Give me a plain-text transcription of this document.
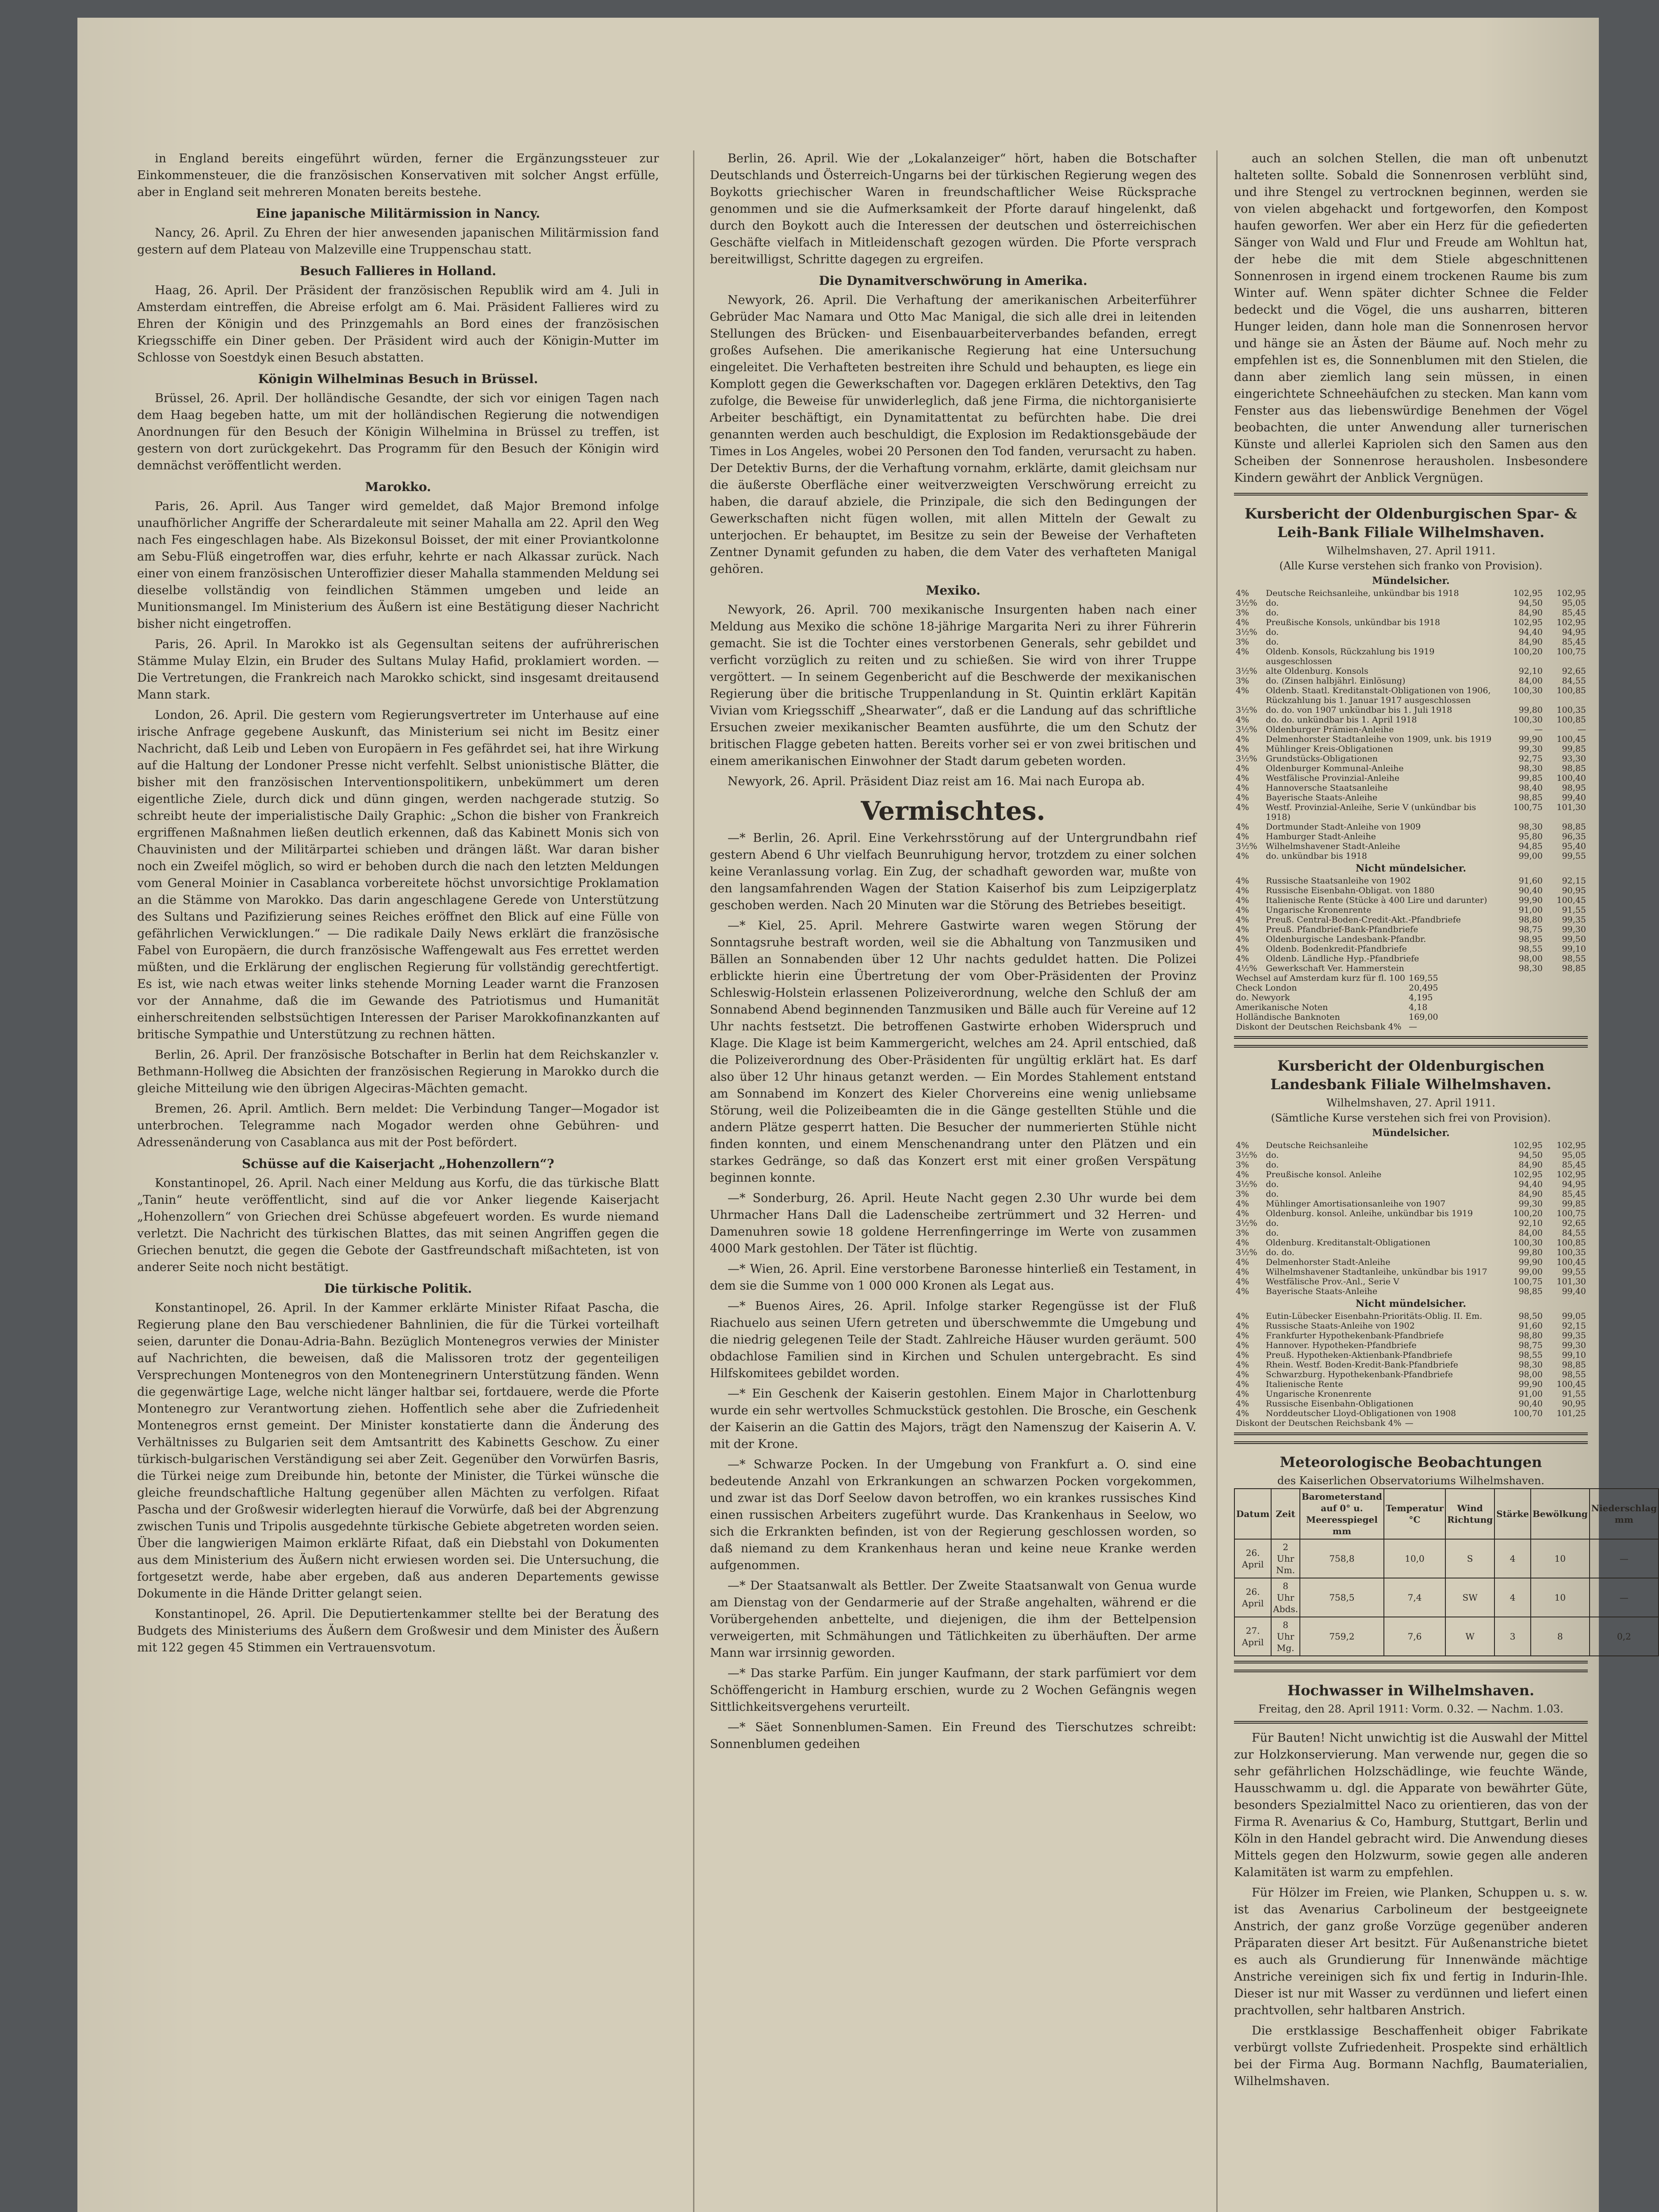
in England bereits eingeführt würden, ferner die Ergänzungssteuer zur Einkommensteuer, die die französischen Konservativen mit solcher Angst erfülle, aber in England seit mehreren Monaten bereits bestehe.

Eine japanische Militärmission in Nancy.

Nancy, 26. April. Zu Ehren der hier anwesenden japanischen Militärmission fand gestern auf dem Plateau von Malzeville eine Truppenschau statt.

Besuch Fallieres in Holland.

Haag, 26. April. Der Präsident der französischen Republik wird am 4. Juli in Amsterdam eintreffen, die Abreise erfolgt am 6. Mai. Präsident Fallieres wird zu Ehren der Königin und des Prinzgemahls an Bord eines der französischen Kriegsschiffe ein Diner geben. Der Präsident wird auch der Königin-Mutter im Schlosse von Soestdyk einen Besuch abstatten.

Königin Wilhelminas Besuch in Brüssel.

Brüssel, 26. April. Der holländische Gesandte, der sich vor einigen Tagen nach dem Haag begeben hatte, um mit der holländischen Regierung die notwendigen Anordnungen für den Besuch der Königin Wilhelmina in Brüssel zu treffen, ist gestern von dort zurückgekehrt. Das Programm für den Besuch der Königin wird demnächst veröffentlicht werden.

Marokko.

Paris, 26. April. Aus Tanger wird gemeldet, daß Major Bremond infolge unaufhörlicher Angriffe der Scherardaleute mit seiner Mahalla am 22. April den Weg nach Fes eingeschlagen habe. Als Bizekonsul Boisset, der mit einer Proviantkolonne am Sebu-Flüß eingetroffen war, dies erfuhr, kehrte er nach Alkassar zurück. Nach einer von einem französischen Unteroffizier dieser Mahalla stammenden Meldung sei dieselbe vollständig von feindlichen Stämmen umgeben und leide an Munitionsmangel. Im Ministerium des Äußern ist eine Bestätigung dieser Nachricht bisher nicht eingetroffen.

Paris, 26. April. In Marokko ist als Gegensultan seitens der aufrührerischen Stämme Mulay Elzin, ein Bruder des Sultans Mulay Hafid, proklamiert worden. — Die Vertretungen, die Frankreich nach Marokko schickt, sind insgesamt dreitausend Mann stark.

London, 26. April. Die gestern vom Regierungsvertreter im Unterhause auf eine irische Anfrage gegebene Auskunft, das Ministerium sei nicht im Besitz einer Nachricht, daß Leib und Leben von Europäern in Fes gefährdet sei, hat ihre Wirkung auf die Haltung der Londoner Presse nicht verfehlt. Selbst unionistische Blätter, die bisher mit den französischen Interventionspolitikern, unbekümmert um deren eigentliche Ziele, durch dick und dünn gingen, werden nachgerade stutzig. So schreibt heute der imperialistische Daily Graphic: „Schon die bisher von Frankreich ergriffenen Maßnahmen ließen deutlich erkennen, daß das Kabinett Monis sich von Chauvinisten und der Militärpartei schieben und drängen läßt. War daran bisher noch ein Zweifel möglich, so wird er behoben durch die nach den letzten Meldungen vom General Moinier in Casablanca vorbereitete höchst unvorsichtige Proklamation an die Stämme von Marokko. Das darin angeschlagene Gerede von Unterstützung des Sultans und Pazifizierung seines Reiches eröffnet den Blick auf eine Fülle von gefährlichen Verwicklungen.“ — Die radikale Daily News erklärt die französische Fabel von Europäern, die durch französische Waffengewalt aus Fes errettet werden müßten, und die Erklärung der englischen Regierung für vollständig gerechtfertigt. Es ist, wie nach etwas weiter links stehende Morning Leader warnt die Franzosen vor der Annahme, daß die im Gewande des Patriotismus und Humanität einherschreitenden selbstsüchtigen Interessen der Pariser Marokkofinanzkanten auf britische Sympathie und Unterstützung zu rechnen hätten.

Berlin, 26. April. Der französische Botschafter in Berlin hat dem Reichskanzler v. Bethmann-Hollweg die Absichten der französischen Regierung in Marokko durch die gleiche Mitteilung wie den übrigen Algeciras-Mächten gemacht.

Bremen, 26. April. Amtlich. Bern meldet: Die Verbindung Tanger—Mogador ist unterbrochen. Telegramme nach Mogador werden ohne Gebühren- und Adressenänderung von Casablanca aus mit der Post befördert.

Schüsse auf die Kaiserjacht „Hohenzollern“?

Konstantinopel, 26. April. Nach einer Meldung aus Korfu, die das türkische Blatt „Tanin“ heute veröffentlicht, sind auf die vor Anker liegende Kaiserjacht „Hohenzollern“ von Griechen drei Schüsse abgefeuert worden. Es wurde niemand verletzt. Die Nachricht des türkischen Blattes, das mit seinen Angriffen gegen die Griechen benutzt, die gegen die Gebote der Gastfreundschaft mißachteten, ist von anderer Seite noch nicht bestätigt.

Die türkische Politik.

Konstantinopel, 26. April. In der Kammer erklärte Minister Rifaat Pascha, die Regierung plane den Bau verschiedener Bahnlinien, die für die Türkei vorteilhaft seien, darunter die Donau-Adria-Bahn. Bezüglich Montenegros verwies der Minister auf Nachrichten, die beweisen, daß die Malissoren trotz der gegenteiligen Versprechungen Montenegros von den Montenegrinern Unterstützung fänden. Wenn die gegenwärtige Lage, welche nicht länger haltbar sei, fortdauere, werde die Pforte Montenegro zur Verantwortung ziehen. Hoffentlich sehe aber die Zufriedenheit Montenegros ernst gemeint. Der Minister konstatierte dann die Änderung des Verhältnisses zu Bulgarien seit dem Amtsantritt des Kabinetts Geschow. Zu einer türkisch-bulgarischen Verständigung sei aber Zeit. Gegenüber den Vorwürfen Basris, die Türkei neige zum Dreibunde hin, betonte der Minister, die Türkei wünsche die gleiche freundschaftliche Haltung gegenüber allen Mächten zu verfolgen. Rifaat Pascha und der Großwesir widerlegten hierauf die Vorwürfe, daß bei der Abgrenzung zwischen Tunis und Tripolis ausgedehnte türkische Gebiete abgetreten worden seien. Über die langwierigen Maimon erklärte Rifaat, daß ein Diebstahl von Dokumenten aus dem Ministerium des Äußern nicht erwiesen worden sei. Die Untersuchung, die fortgesetzt werde, habe aber ergeben, daß aus anderen Departements gewisse Dokumente in die Hände Dritter gelangt seien.

Konstantinopel, 26. April. Die Deputiertenkammer stellte bei der Beratung des Budgets des Ministeriums des Äußern dem Großwesir und dem Minister des Äußern mit 122 gegen 45 Stimmen ein Vertrauensvotum.

Berlin, 26. April. Wie der „Lokalanzeiger“ hört, haben die Botschafter Deutschlands und Österreich-Ungarns bei der türkischen Regierung wegen des Boykotts griechischer Waren in freundschaftlicher Weise Rücksprache genommen und sie die Aufmerksamkeit der Pforte darauf hingelenkt, daß durch den Boykott auch die Interessen der deutschen und österreichischen Geschäfte vielfach in Mitleidenschaft gezogen würden. Die Pforte versprach bereitwilligst, Schritte dagegen zu ergreifen.

Die Dynamitverschwörung in Amerika.

Newyork, 26. April. Die Verhaftung der amerikanischen Arbeiterführer Gebrüder Mac Namara und Otto Mac Manigal, die sich alle drei in leitenden Stellungen des Brücken- und Eisenbauarbeiterverbandes befanden, erregt großes Aufsehen. Die amerikanische Regierung hat eine Untersuchung eingeleitet. Die Verhafteten bestreiten ihre Schuld und behaupten, es liege ein Komplott gegen die Gewerkschaften vor. Dagegen erklären Detektivs, den Tag zufolge, die Beweise für unwiderleglich, daß jene Firma, die nichtorganisierte Arbeiter beschäftigt, ein Dynamitattentat zu befürchten habe. Die drei genannten werden auch beschuldigt, die Explosion im Redaktionsgebäude der Times in Los Angeles, wobei 20 Personen den Tod fanden, verursacht zu haben. Der Detektiv Burns, der die Verhaftung vornahm, erklärte, damit gleichsam nur die äußerste Oberfläche einer weitverzweigten Verschwörung erreicht zu haben, die darauf abziele, die Prinzipale, die sich den Bedingungen der Gewerkschaften nicht fügen wollen, mit allen Mitteln der Gewalt zu unterjochen. Er behauptet, im Besitze zu sein der Beweise der Verhafteten Zentner Dynamit gefunden zu haben, die dem Vater des verhafteten Manigal gehören.

Mexiko.

Newyork, 26. April. 700 mexikanische Insurgenten haben nach einer Meldung aus Mexiko die schöne 18-jährige Margarita Neri zu ihrer Führerin gemacht. Sie ist die Tochter eines verstorbenen Generals, sehr gebildet und verficht vorzüglich zu reiten und zu schießen. Sie wird von ihrer Truppe vergöttert. — In seinem Gegenbericht auf die Beschwerde der mexikanischen Regierung über die britische Truppenlandung in St. Quintin erklärt Kapitän Vivian vom Kriegsschiff „Shearwater“, daß er die Landung auf das schriftliche Ersuchen zweier mexikanischer Beamten ausführte, die um den Schutz der britischen Flagge gebeten hatten. Bereits vorher sei er von zwei britischen und einem amerikanischen Einwohner der Stadt darum gebeten worden.

Newyork, 26. April. Präsident Diaz reist am 16. Mai nach Europa ab.

Vermischtes.

—* Berlin, 26. April. Eine Verkehrsstörung auf der Untergrundbahn rief gestern Abend 6 Uhr vielfach Beunruhigung hervor, trotzdem zu einer solchen keine Veranlassung vorlag. Ein Zug, der schadhaft geworden war, mußte von den langsamfahrenden Wagen der Station Kaiserhof bis zum Leipzigerplatz geschoben werden. Nach 20 Minuten war die Störung des Betriebes beseitigt.

—* Kiel, 25. April. Mehrere Gastwirte waren wegen Störung der Sonntagsruhe bestraft worden, weil sie die Abhaltung von Tanzmusiken und Bällen an Sonnabenden über 12 Uhr nachts geduldet hatten. Die Polizei erblickte hierin eine Übertretung der vom Ober-Präsidenten der Provinz Schleswig-Holstein erlassenen Polizeiverordnung, welche den Schluß der am Sonnabend Abend beginnenden Tanzmusiken und Bälle auch für Vereine auf 12 Uhr nachts festsetzt. Die betroffenen Gastwirte erhoben Widerspruch und Klage. Die Klage ist beim Kammergericht, welches am 24. April entschied, daß die Polizeiverordnung des Ober-Präsidenten für ungültig erklärt hat. Es darf also über 12 Uhr hinaus getanzt werden. — Ein Mordes Stahlement entstand am Sonnabend im Konzert des Kieler Chorvereins eine wenig unliebsame Störung, weil die Polizeibeamten die in die Gänge gestellten Stühle und die andern Plätze gesperrt hatten. Die Besucher der nummerierten Stühle nicht finden konnten, und einem Menschenandrang unter den Plätzen und ein starkes Gedränge, so daß das Konzert erst mit einer großen Verspätung beginnen konnte.

—* Sonderburg, 26. April. Heute Nacht gegen 2.30 Uhr wurde bei dem Uhrmacher Hans Dall die Ladenscheibe zertrümmert und 32 Herren- und Damenuhren sowie 18 goldene Herrenfingerringe im Werte von zusammen 4000 Mark gestohlen. Der Täter ist flüchtig.

—* Wien, 26. April. Eine verstorbene Baronesse hinterließ ein Testament, in dem sie die Summe von 1 000 000 Kronen als Legat aus.

—* Buenos Aires, 26. April. Infolge starker Regengüsse ist der Fluß Riachuelo aus seinen Ufern getreten und überschwemmte die Umgebung und die niedrig gelegenen Teile der Stadt. Zahlreiche Häuser wurden geräumt. 500 obdachlose Familien sind in Kirchen und Schulen untergebracht. Es sind Hilfskomitees gebildet worden.

—* Ein Geschenk der Kaiserin gestohlen. Einem Major in Charlottenburg wurde ein sehr wertvolles Schmuckstück gestohlen. Die Brosche, ein Geschenk der Kaiserin an die Gattin des Majors, trägt den Namenszug der Kaiserin A. V. mit der Krone.

—* Schwarze Pocken. In der Umgebung von Frankfurt a. O. sind eine bedeutende Anzahl von Erkrankungen an schwarzen Pocken vorgekommen, und zwar ist das Dorf Seelow davon betroffen, wo ein krankes russisches Kind einen russischen Arbeiters zugeführt wurde. Das Krankenhaus in Seelow, wo sich die Erkrankten befinden, ist von der Regierung geschlossen worden, so daß niemand zu dem Krankenhaus heran und keine neue Kranke werden aufgenommen.

—* Der Staatsanwalt als Bettler. Der Zweite Staatsanwalt von Genua wurde am Dienstag von der Gendarmerie auf der Straße angehalten, während er die Vorübergehenden anbettelte, und diejenigen, die ihm der Bettelpension verweigerten, mit Schmähungen und Tätlichkeiten zu überhäuften. Der arme Mann war irrsinnig geworden.

—* Das starke Parfüm. Ein junger Kaufmann, der stark parfümiert vor dem Schöffengericht in Hamburg erschien, wurde zu 2 Wochen Gefängnis wegen Sittlichkeitsvergehens verurteilt.

—* Säet Sonnenblumen-Samen. Ein Freund des Tierschutzes schreibt: Sonnenblumen gedeihen

auch an solchen Stellen, die man oft unbenutzt halteten sollte. Sobald die Sonnenrosen verblüht sind, und ihre Stengel zu vertrocknen beginnen, werden sie von vielen abgehackt und fortgeworfen, den Kompost haufen geworfen. Wer aber ein Herz für die gefiederten Sänger von Wald und Flur und Freude am Wohltun hat, der hebe die mit dem Stiele abgeschnittenen Sonnenrosen in irgend einem trockenen Raume bis zum Winter auf. Wenn später dichter Schnee die Felder bedeckt und die Vögel, die uns ausharren, bitteren Hunger leiden, dann hole man die Sonnenrosen hervor und hänge sie an Ästen der Bäume auf. Noch mehr zu empfehlen ist es, die Sonnenblumen mit den Stielen, die dann aber ziemlich lang sein müssen, in einen eingerichtete Schneehäufchen zu stecken. Man kann vom Fenster aus das liebenswürdige Benehmen der Vögel beobachten, die unter Anwendung aller turnerischen Künste und allerlei Kapriolen sich den Samen aus den Scheiben der Sonnenrose herausholen. Insbesondere Kindern gewährt der Anblick Vergnügen.

Kursbericht der Oldenburgischen Spar- & Leih-Bank Filiale Wilhelmshaven.
Wilhelmshaven, 27. April 1911.
(Alle Kurse verstehen sich franko von Provision).
Mündelsicher.
4%	Deutsche Reichsanleihe, unkündbar bis 1918	102,95	102,95
3½%	do.	94,50	95,05
3%	do.	84,90	85,45
4%	Preußische Konsols, unkündbar bis 1918	102,95	102,95
3½%	do.	94,40	94,95
3%	do.	84,90	85,45
4%	Oldenb. Konsols, Rückzahlung bis 1919 ausgeschlossen	100,20	100,75
3½%	alte Oldenburg. Konsols	92,10	92,65
3%	do. (Zinsen halbjährl. Einlösung)	84,00	84,55
4%	Oldenb. Staatl. Kreditanstalt-Obligationen von 1906, Rückzahlung bis 1. Januar 1917 ausgeschlossen	100,30	100,85
3½%	do. do. von 1907 unkündbar bis 1. Juli 1918	99,80	100,35
4%	do. do. unkündbar bis 1. April 1918	100,30	100,85
3½%	Oldenburger Prämien-Anleihe	—	—
4%	Delmenhorster Stadtanleihe von 1909, unk. bis 1919	99,90	100,45
4%	Mühlinger Kreis-Obligationen	99,30	99,85
3½%	Grundstücks-Obligationen	92,75	93,30
4%	Oldenburger Kommunal-Anleihe	98,30	98,85
4%	Westfälische Provinzial-Anleihe	99,85	100,40
4%	Hannoversche Staatsanleihe	98,40	98,95
4%	Bayerische Staats-Anleihe	98,85	99,40
4%	Westf. Provinzial-Anleihe, Serie V (unkündbar bis 1918)	100,75	101,30
4%	Dortmunder Stadt-Anleihe von 1909	98,30	98,85
4%	Hamburger Stadt-Anleihe	95,80	96,35
3½%	Wilhelmshavener Stadt-Anleihe	94,85	95,40
4%	do. unkündbar bis 1918	99,00	99,55
Nicht mündelsicher.
4%	Russische Staatsanleihe von 1902	91,60	92,15
4%	Russische Eisenbahn-Obligat. von 1880	90,40	90,95
4%	Italienische Rente (Stücke à 400 Lire und darunter)	99,90	100,45
4%	Ungarische Kronenrente	91,00	91,55
4%	Preuß. Central-Boden-Credit-Akt.-Pfandbriefe	98,80	99,35
4%	Preuß. Pfandbrief-Bank-Pfandbriefe	98,75	99,30
4%	Oldenburgische Landesbank-Pfandbr.	98,95	99,50
4%	Oldenb. Bodenkredit-Pfandbriefe	98,55	99,10
4%	Oldenb. Ländliche Hyp.-Pfandbriefe	98,00	98,55
4½%	Gewerkschaft Ver. Hammerstein	98,30	98,85
Wechsel auf Amsterdam kurz für fl. 100	169,55
Check London	20,495
do. Newyork	4,195
Amerikanische Noten	4,18
Holländische Banknoten	169,00
Diskont der Deutschen Reichsbank 4%	—
Kursbericht der Oldenburgischen Landesbank Filiale Wilhelmshaven.
Wilhelmshaven, 27. April 1911.
(Sämtliche Kurse verstehen sich frei von Provision).
Mündelsicher.
4%	Deutsche Reichsanleihe	102,95	102,95
3½%	do.	94,50	95,05
3%	do.	84,90	85,45
4%	Preußische konsol. Anleihe	102,95	102,95
3½%	do.	94,40	94,95
3%	do.	84,90	85,45
4%	Mühlinger Amortisationsanleihe von 1907	99,30	99,85
4%	Oldenburg. konsol. Anleihe, unkündbar bis 1919	100,20	100,75
3½%	do.	92,10	92,65
3%	do.	84,00	84,55
4%	Oldenburg. Kreditanstalt-Obligationen	100,30	100,85
3½%	do. do.	99,80	100,35
4%	Delmenhorster Stadt-Anleihe	99,90	100,45
4%	Wilhelmshavener Stadtanleihe, unkündbar bis 1917	99,00	99,55
4%	Westfälische Prov.-Anl., Serie V	100,75	101,30
4%	Bayerische Staats-Anleihe	98,85	99,40
Nicht mündelsicher.
4%	Eutin-Lübecker Eisenbahn-Prioritäts-Oblig. II. Em.	98,50	99,05
4%	Russische Staats-Anleihe von 1902	91,60	92,15
4%	Frankfurter Hypothekenbank-Pfandbriefe	98,80	99,35
4%	Hannover. Hypotheken-Pfandbriefe	98,75	99,30
4%	Preuß. Hypotheken-Aktienbank-Pfandbriefe	98,55	99,10
4%	Rhein. Westf. Boden-Kredit-Bank-Pfandbriefe	98,30	98,85
4%	Schwarzburg. Hypothekenbank-Pfandbriefe	98,00	98,55
4%	Italienische Rente	99,90	100,45
4%	Ungarische Kronenrente	91,00	91,55
4%	Russische Eisenbahn-Obligationen	90,40	90,95
4%	Norddeutscher Lloyd-Obligationen von 1908	100,70	101,25
Diskont der Deutschen Reichsbank 4%	—
Meteorologische Beobachtungen
des Kaiserlichen Observatoriums Wilhelmshaven.
Datum	Zeit	Barometerstand auf 0° u. Meeresspiegel mm	Temperatur °C	Wind Richtung	Stärke	Bewölkung	Niederschlag mm
26. April	2 Uhr Nm.	758,8	10,0	S	4	10	—
26. April	8 Uhr Abds.	758,5	7,4	SW	4	10	—
27. April	8 Uhr Mg.	759,2	7,6	W	3	8	0,2
Hochwasser in Wilhelmshaven.
Freitag, den 28. April 1911: Vorm. 0.32. — Nachm. 1.03.

Für Bauten! Nicht unwichtig ist die Auswahl der Mittel zur Holzkonservierung. Man verwende nur, gegen die so sehr gefährlichen Holzschädlinge, wie feuchte Wände, Hausschwamm u. dgl. die Apparate von bewährter Güte, besonders Spezialmittel Naco zu orientieren, das von der Firma R. Avenarius & Co, Hamburg, Stuttgart, Berlin und Köln in den Handel gebracht wird. Die Anwendung dieses Mittels gegen den Holzwurm, sowie gegen alle anderen Kalamitäten ist warm zu empfehlen.

Für Hölzer im Freien, wie Planken, Schuppen u. s. w. ist das Avenarius Carbolineum der bestgeeignete Anstrich, der ganz große Vorzüge gegenüber anderen Präparaten dieser Art besitzt. Für Außenanstriche bietet es auch als Grundierung für Innenwände mächtige Anstriche vereinigen sich fix und fertig in Indurin-Ihle. Dieser ist nur mit Wasser zu verdünnen und liefert einen prachtvollen, sehr haltbaren Anstrich.

Die erstklassige Beschaffenheit obiger Fabrikate verbürgt vollste Zufriedenheit. Prospekte sind erhältlich bei der Firma Aug. Bormann Nachflg, Baumaterialien, Wilhelmshaven.
